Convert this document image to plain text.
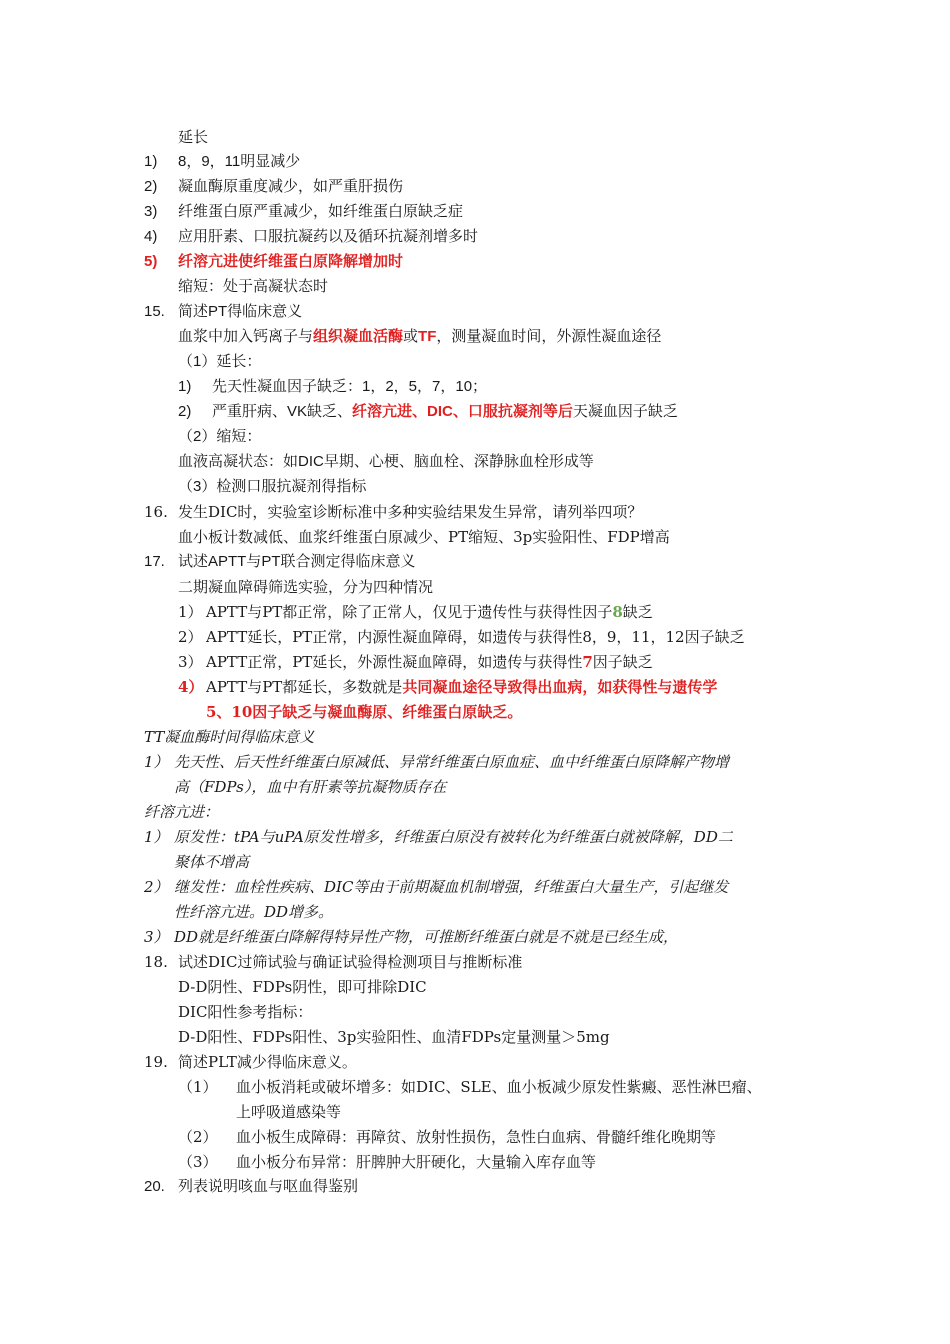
延长
1) 8，9，11明显减少
2) 凝血酶原重度减少，如严重肝损伤
3) 纤维蛋白原严重减少，如纤维蛋白原缺乏症
4) 应用肝素、口服抗凝药以及循环抗凝剂增多时
5) 纤溶亢进使纤维蛋白原降解增加时
缩短：处于高凝状态时
15. 简述PT得临床意义
血浆中加入钙离子与组织凝血活酶或TF，测量凝血时间，外源性凝血途径
（1）延长：
1) 先天性凝血因子缺乏：1，2，5，7，10；
2) 严重肝病、VK缺乏、纤溶亢进、DIC、口服抗凝剂等后天凝血因子缺乏
（2）缩短：
血液高凝状态：如DIC早期、心梗、脑血栓、深静脉血栓形成等
（3）检测口服抗凝剂得指标
16. 发生DIC时，实验室诊断标准中多种实验结果发生异常，请列举四项？
血小板计数减低、血浆纤维蛋白原减少、PT缩短、3p实验阳性、FDP增高
17. 试述APTT与PT联合测定得临床意义
二期凝血障碍筛选实验，分为四种情况
1） APTT与PT都正常，除了正常人，仅见于遗传性与获得性因子8缺乏
2） APTT延长，PT正常，内源性凝血障碍，如遗传与获得性8，9，11，12因子缺乏
3） APTT正常，PT延长，外源性凝血障碍，如遗传与获得性7因子缺乏
4） APTT与PT都延长，多数就是共同凝血途径导致得出血病，如获得性与遗传学
5、10因子缺乏与凝血酶原、纤维蛋白原缺乏。
TT凝血酶时间得临床意义
1） 先天性、后天性纤维蛋白原减低、异常纤维蛋白原血症、血中纤维蛋白原降解产物增
高（FDPs），血中有肝素等抗凝物质存在
纤溶亢进：
1） 原发性：tPA与uPA原发性增多，纤维蛋白原没有被转化为纤维蛋白就被降解，DD二
聚体不增高
2） 继发性：血栓性疾病、DIC等由于前期凝血机制增强，纤维蛋白大量生产，引起继发
性纤溶亢进。DD增多。
3） DD就是纤维蛋白降解得特异性产物，可推断纤维蛋白就是不就是已经生成，
18. 试述DIC过筛试验与确证试验得检测项目与推断标准
D-D阴性、FDPs阴性，即可排除DIC
DIC阳性参考指标：
D-D阳性、FDPs阳性、3p实验阳性、血清FDPs定量测量＞5mg
19. 简述PLT减少得临床意义。
（1） 血小板消耗或破坏增多：如DIC、SLE、血小板减少原发性紫癜、恶性淋巴瘤、
上呼吸道感染等
（2） 血小板生成障碍：再障贫、放射性损伤，急性白血病、骨髓纤维化晚期等
（3） 血小板分布异常：肝脾肿大肝硬化，大量输入库存血等
20. 列表说明咳血与呕血得鉴别
